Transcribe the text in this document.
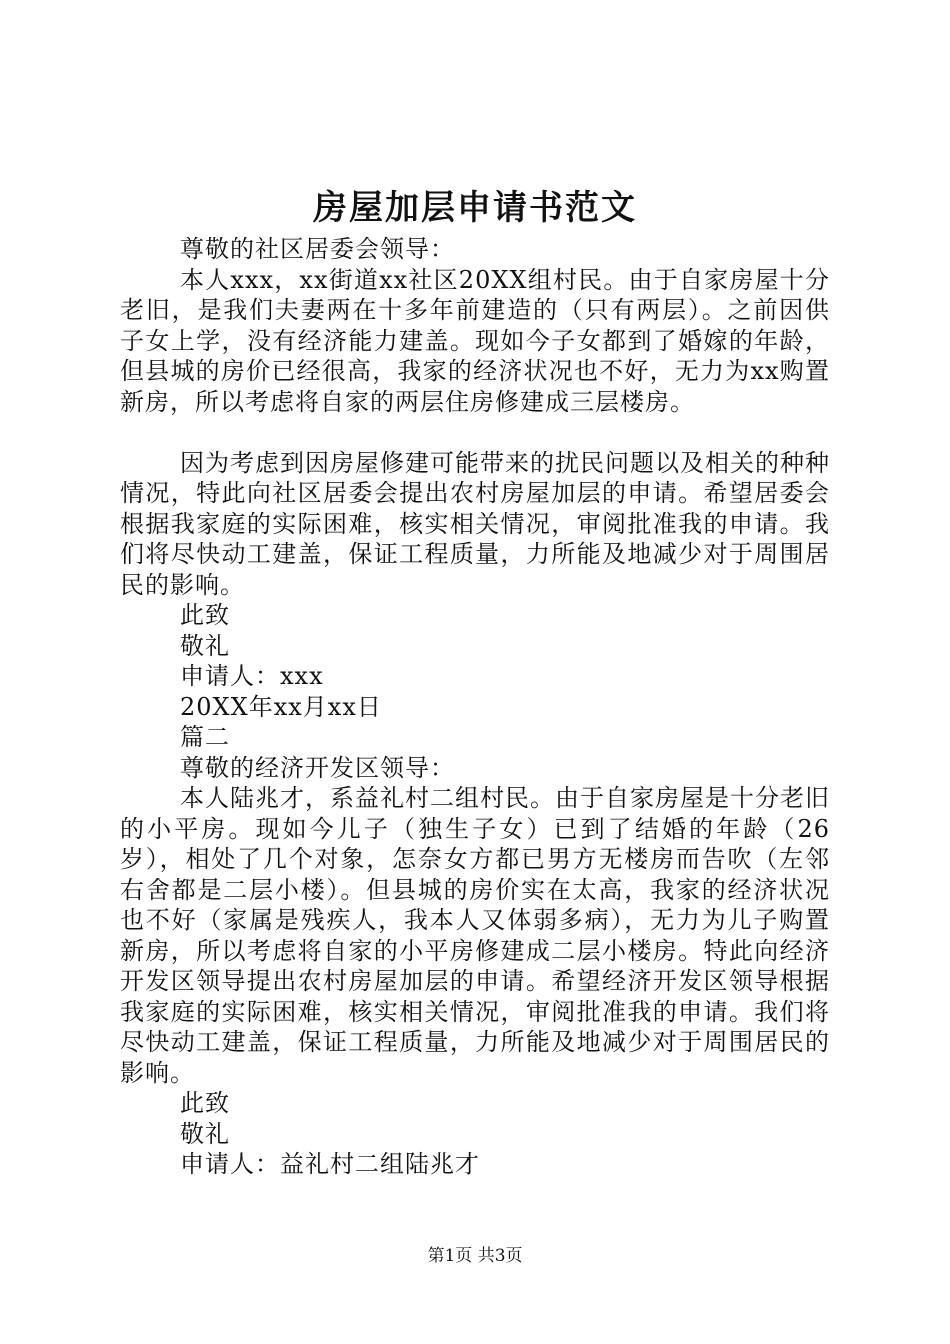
房屋加层申请书范文

尊敬的社区居委会领导：

本人xxx，xx街道xx社区20XX组村民。由于自家房屋十分老旧，是我们夫妻两在十多年前建造的（只有两层）。之前因供子女上学，没有经济能力建盖。现如今子女都到了婚嫁的年龄，但县城的房价已经很高，我家的经济状况也不好，无力为xx购置新房，所以考虑将自家的两层住房修建成三层楼房。

因为考虑到因房屋修建可能带来的扰民问题以及相关的种种情况，特此向社区居委会提出农村房屋加层的申请。希望居委会根据我家庭的实际困难，核实相关情况，审阅批准我的申请。我们将尽快动工建盖，保证工程质量，力所能及地减少对于周围居民的影响。

此致

敬礼

申请人：xxx

20XX年xx月xx日

篇二

尊敬的经济开发区领导：

本人陆兆才，系益礼村二组村民。由于自家房屋是十分老旧的小平房。现如今儿子（独生子女）已到了结婚的年龄（26岁），相处了几个对象，怎奈女方都已男方无楼房而告吹（左邻右舍都是二层小楼）。但县城的房价实在太高，我家的经济状况也不好（家属是残疾人，我本人又体弱多病），无力为儿子购置新房，所以考虑将自家的小平房修建成二层小楼房。特此向经济开发区领导提出农村房屋加层的申请。希望经济开发区领导根据我家庭的实际困难，核实相关情况，审阅批准我的申请。我们将尽快动工建盖，保证工程质量，力所能及地减少对于周围居民的影响。

此致

敬礼

申请人：益礼村二组陆兆才

第1页 共3页
